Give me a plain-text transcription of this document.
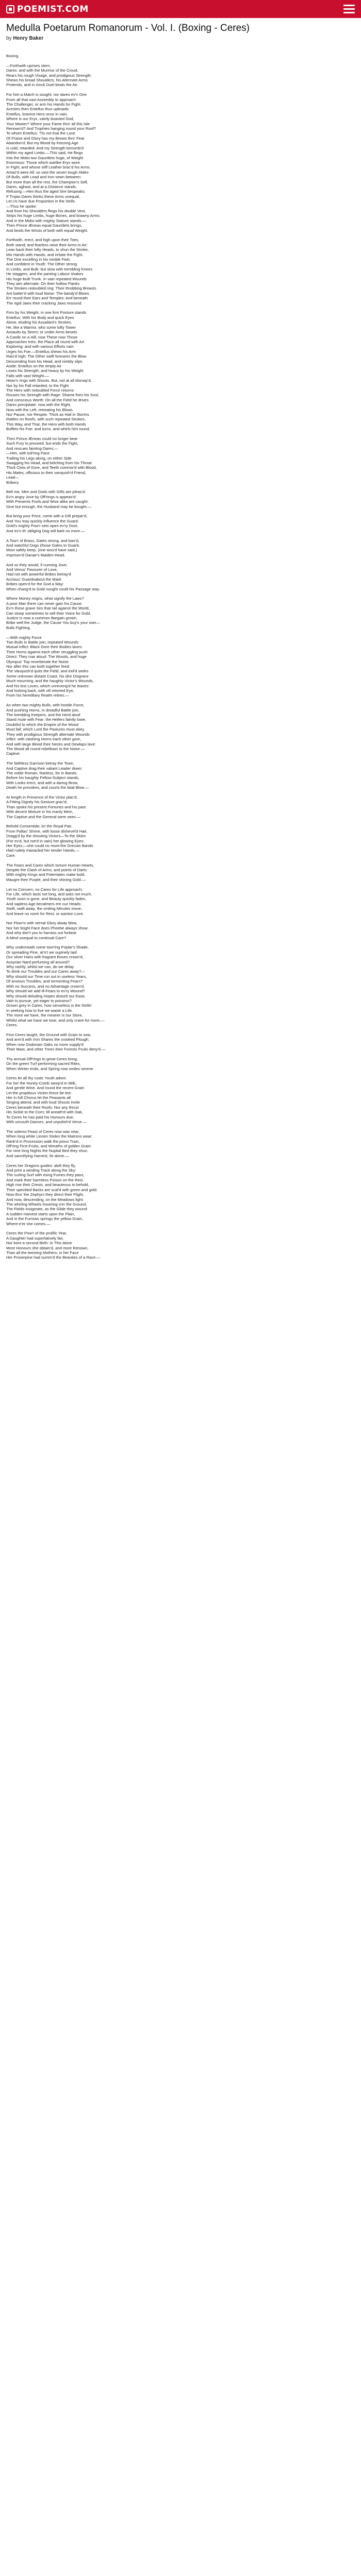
POEMIST.COM
Medulla Poetarum Romanorum - Vol. I. (Boxing - Ceres)

by Henry Baker

Boxing.
—Forthwith uprises stern,
Dares: and with the Murmur of the Croud,
Rears his rough Visage, and prodigious Strength:
Shews his broad Shoulders, his Alternate Arms
Protends, and in mock Duel beats the Air.
For him a Match is sought: nor dares ev'n One
From all that vast Assembly to approach
The Challenger, or arm his Hands for Fight.
Acestes then Entellus thus upbraids:
Entellus, bravest Hero once in vain,
Where is our Eryx, vainly boasted God,
Your Master? Where your Fame thro' all this Isle
Renown'd? And Trophies hanging round your Roof?
To whom Entellus: 'Tis not that the Love
Of Praise and Glory has my Breast thro' Fear
Abandon'd; But my Blood by freezing Age
Is cold, retarded: And my Strength benumb'd
Within my aged Limbs.—This said, He flings
Into the Midst two Gauntlets huge, of Weight
Enormous: Those which warlike Eryx wore
In Fight, and whose stiff Leather brac'd his Arms.
Amaz'd were All: so vast the seven tough Hides
Of Bulls, with Lead and Iron sewn between:
But more than all the rest, the Champion's Self,
Dares, aghast, and at a Distance stands.
Refusing.—Him thus the aged Sire bespeaks:
If Trojan Dares thinks these Arms unequal,
Let Us have due Proportion in the Strife.
—Thus he spoke:
And from his Shoulders flings his double Vest,
Strips his huge Limbs, huge Bones, and brawny Arms:
And in the Midst with mighty Stature stands.—
Then Prince Æneas equal Gauntlets brings,
And binds the Wrists of both with equal Weight.
Forthwith, erect, and high upon their Toes,
Both stand; and fearless raise their Arms in Air:
Lean back their lofty Heads, to shun the Stroke,
Mix Hands with Hands, and irritate the Fight.
The One excelling in his nimble Feet,
And confident in Youth: The Other strong
In Limbs, and Bulk: but slow with trembling Knees
He staggers, and the panting Labour shakes
His huge-built Trunk. In vain repeated Wounds
They aim alternate: On their hollow Flanks
The Strokes redoubled ring: Their throbbing Breasts
Are batter'd with loud Noise: The bandy'd Blows
Err round their Ears and Temples: And beneath
The rigid Jaws their cracking Jaws resound.
Firm by his Weight, in one firm Posture stands
Entellus: With his Body and quick Eyes
Alone, eluding his Assailant's Strokes.
He, like a Warrior, who some lofty Tower
Assaults by Storm; or under Arms besets
A Castle on a Hill, now These now Those
Approaches tries: the Place all round with Art
Exploring: and with various Efforts vain
Urges his Foe.—Entellus shews his Arm
Rais'd high: The Other swift foresees the Blow
Descending from his Head, and nimbly slips
Aside: Entellus on the empty Air
Loses his Strength; and heavy by his Weight
Falls with vast Weight.—
Heav'n rings with Shouts. But, not at all dismay'd,
Nor by his Fall retarded, to the Fight
The Hero with redoubled Force returns:
Rouses his Strength with Rage: Shame fires his Soul,
And conscious Worth: On all the Field he drives
Dares precipitate: now with the Right,
Now with the Left, retreating his Blows.
Nor Pause, nor Respite. Thick as Hail in Storms
Rattles on Roofs, with such repeated Strokes,
This Way, and That, the Hero with both Hands
Buffets his Foe: and turns, and whirls him round.
Then Prince Æneas could no longer bear
Such Fury to proceed, but ends the Fight,
And rescues fainting Dares:—
—Him, with toil'ring Pace
Trailing his Legs along, on either Side
Swagging his Head, and belching from his Throat
Thick Clots of Gore, and Teeth commix'd with Blood,
His Mates, officious to their vanquish'd Friend,
Lead—
Bribery.
Belt me, Men and Gods with Gifts are pleas'd:
Ev'n angry Jove by Off'rings is appeas'd:
With Presents Fools and Wise alike are caught:
Give but enough, the Husband may be bought.—
But bring your Price, come with a Gift prepar'd,
And You may quickly influence the Guard:
Gold's mighty Pow'r sets open ev'ry Door,
And ev'n th' obliging Dog will bark no more.—
A Tow'r of Brass, Gates strong, and barr'd,
And watchful Dogs (those Gates to Guard,
Most safely keep, (one wou'd have said,)
Imprison'd Danae's Maiden-Head.
And so they would, if cunning Jove,
And Venus' Favourer of Love,
Had not with powerful Bribes betray'd
Acrisius' Guardnabout the Maid:
Bribes open'd for the God a Way:
When chang'd to Gold nought could his Passage stay.
Where Money reigns, what signify the Laws?
A poor Man there can never gain his Cause.
Ev'n those grave Sirs that rail against the World,
Can stoop sometimes to sell their Voice for Gold.
Justice is now a common Bargain grown,
Bribe well the Judge, the Cause You buy's your own—
Bulls Fighting.
—With mighty Force
Two Bulls in Battle join; repeated Wounds
Mutual inflict: Black Gore their Bodies laves:
Their Horns against each other struggling push
Direct: They roar aloud: The Woods, and huge
Olympus' Top reverberate the Noise.
Nor after this can both together feed:
The Vanquish'd quits the Field, and exil'd seeks
Some unknown distant Coast, his dire Disgrace
Much mourning, and the haughty Victor's Wounds,
And his lost Loves, which unreveng'd he leaves:
And looking back, with oft retorted Eye,
From his hereditary Realm retires.—
As when two mighty Bulls, with hostile Force,
And pushing Horns, in dreadful Battle join,
The trembling Keepers, and the Herd aloof
Stand mute with Fear: the Heifers faintly lowe,
Doubtful to which the Empire of the Wood
Must fall; which Lord the Pastures must obey.
They with prodigious Strength alternate Wounds
Inflict: with clashing Horns each other gore,
And with large Blood their Necks and Dewlaps lave:
The Wood all round rebellows to the Noise.—
Captive.
The faithless Garrison betray the Town,
And Captive drag their valiant Leader down:
The noble Roman, fearless, for in Bands,
Before his haughty Fellow-Subject stands,
With Looks erect, and with a daring Brow,
Death he provokes, and courts the fatal Blow.—
At length in Presence of the Victor plac'd,
A Fitting Dignity his Gesture grac'd;
Than spoke his present Fortunes and his past.
With decent Mixture in his manly Mein,
The Captive and the General were seen.—
Behold Consentide; lo! the Royal Pair,
From Pallas' Shrine, with loose dishevel'd Hair,
Dragg'd by the shouting Victors—To the Skies
(For ev'd, but not'd in vain) her glowing Eyes:
Her Eyes;—she could no more:the Grecian Bands
Had rudely manacled her tender Hands.—
Care.
The Fears and Cares which torture Human Hearts,
Despite the Clash of Arms, and points of Darts:
With mighty Kings and Potentates make bold,
Maugre their Purple, and their shining Gold.—
Let no Concern, no Cares for Life approach;
For Life, which lasts not long, and asks not much.
Youth soon is gone, and Beauty quickly fades,
And sapless Age becalmers ere our Heads:
Swift, swift away, the smiling Minutes move,
And leave no room for Rest, or wanton Love.
Nor Flow'rs with vernal Glory alway blow,
Nor her bright Face does Phoebe always show:
And why don't you to harrass out forbear
A Mind unequal to continual Care?
Why underneath some tow'ring Poplar's Shade,
Or spreading Pine, at'n't we supinely laid
Our silver Hairs with fragrant Roses crown'd,
Assyrian Nard perfuming all around?
Why rashly, whilst we can, do we delay
To drink our Troubles and our Cares away?—
Why should our Time run out in useless Years,
Of anxious Troubles, and tormenting Fears?
With no Success, and no Advantage crown'd,
Why should we add Ill-Fears to ev'ry Wound?
Why should deluding Hopes disturb our Ease,
Vain to pursue, yet eager to possess?
Grown grey in Cares, how senseless is the Strife!
In seeking how to live we waste a Life.
The more we have, the meaner is our Store,
Whilst what we have we lose, and only crave for more.—
Ceres.
First Ceres taught, the Ground with Grain to sow,
And arm'd with Iron Shares the crooked Plough;
When now Dodonian Oaks no more supply'd
Their Mast, and other Trees their Forests Fruits deny'd.—
Thy annual Off'rings to great Ceres bring,
On the green Turf performing sacred Rites,
When Winter ends, and Spring now smiles serene.
Ceres let all thy rustic Youth adore:
For her the Honey-Comb steep'd in Milk,
And gentle Wine. And round the recent Grain
Let the propitious Victim thrice be led:
Her in full Chorus let the Peasants all
Singing attend, and with loud Shouts invite
Ceres beneath their Roofs: Nor any thrust
His Sickle to the Corn; till wreath'd with Oak,
To Ceres he has paid his Honours due;
With uncouth Dances, and unpolish'd Verse.—
The solemn Feast of Ceres now was near,
When long white Linnen Stoles the Matrons wear:
Rank'd in Procession walk the pious Train,
Off'ring First-Fruits, and Wreaths of golden Grain:
For nine long Nights the Nuptial Bed they shun,
And sanctifying Harvest, lie alone.—
Ceres her Dragons guides: aloft they fly,
And print a winding Track along the Sky:
The curling Surf with rising Fumes they pass,
And mark their harmless Poison on the Rein.
High rise their Crests, and beauteous to behold,
Their speckled Backs are scal'd with green and gold.
Now thro' the Zephyrs they direct their Flight,
And now, descending, on the Meadows light:
The whirling Wheels hovering o'er the Ground,
The Fields invigorate, as the Glide they wound:
A sudden Harvest starts upon the Plain,
And in the Furrows springs the yellow Grain,
Where-e'er she comes.—
Ceres the Pow'r of the prolific Year,
A Daughter had superlatively fair,
Nor bore a second Birth: In This alone
More Honours she obtain'd, and more Renown,
Than all the teeming Mothers: in her Face
Her Proserpine had summ'd the Beauties of a Race.—
